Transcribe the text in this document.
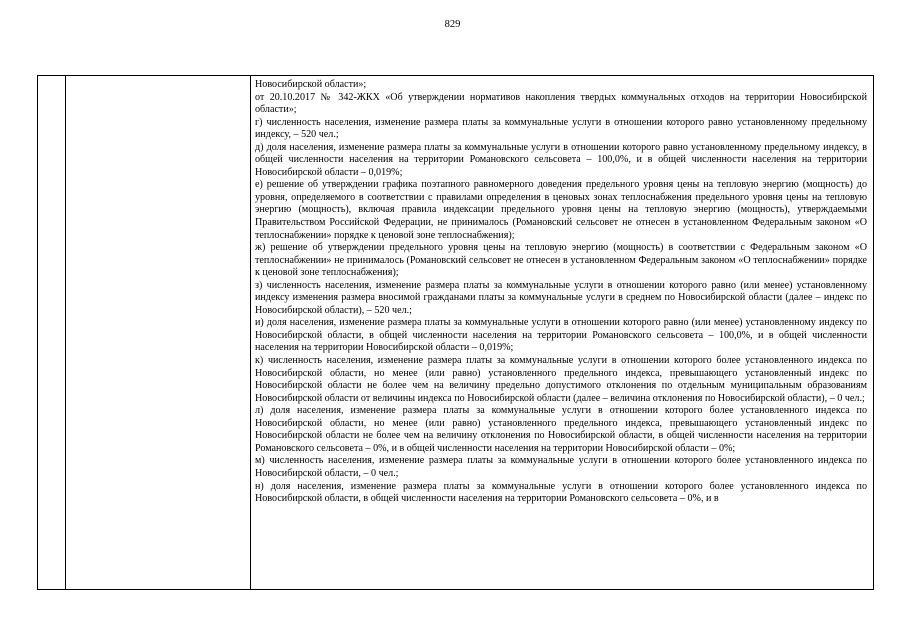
829

Новосибирской области»;

от 20.10.2017 № 342-ЖКХ «Об утверждении нормативов накопления твердых коммунальных отходов на территории Новосибирской области»;

г) численность населения, изменение размера платы за коммунальные услуги в отношении которого равно установленному предельному индексу, – 520 чел.;

д) доля населения, изменение размера платы за коммунальные услуги в отношении которого равно установленному предельному индексу, в общей численности населения на территории Романовского сельсовета – 100,0%, и в общей численности населения на территории Новосибирской области – 0,019%;

е) решение об утверждении графика поэтапного равномерного доведения предельного уровня цены на тепловую энергию (мощность) до уровня, определяемого в соответствии с правилами определения в ценовых зонах теплоснабжения предельного уровня цены на тепловую энергию (мощность), включая правила индексации предельного уровня цены на тепловую энергию (мощность), утверждаемыми Правительством Российской Федерации, не принималось (Романовский сельсовет не отнесен в установленном Федеральным законом «О теплоснабжении» порядке к ценовой зоне теплоснабжения);

ж) решение об утверждении предельного уровня цены на тепловую энергию (мощность) в соответствии с Федеральным законом «О теплоснабжении» не принималось (Романовский сельсовет не отнесен в установленном Федеральным законом «О теплоснабжении» порядке к ценовой зоне теплоснабжения);

з) численность населения, изменение размера платы за коммунальные услуги в отношении которого равно (или менее) установленному индексу изменения размера вносимой гражданами платы за коммунальные услуги в среднем по Новосибирской области (далее – индекс по Новосибирской области), – 520 чел.;

и) доля населения, изменение размера платы за коммунальные услуги в отношении которого равно (или менее) установленному индексу по Новосибирской области, в общей численности населения на территории Романовского сельсовета – 100,0%, и в общей численности населения на территории Новосибирской области – 0,019%;

к) численность населения, изменение размера платы за коммунальные услуги в отношении которого более установленного индекса по Новосибирской области, но менее (или равно) установленного предельного индекса, превышающего установленный индекс по Новосибирской области не более чем на величину предельно допустимого отклонения по отдельным муниципальным образованиям Новосибирской области от величины индекса по Новосибирской области (далее – величина отклонения по Новосибирской области), – 0 чел.;

л) доля населения, изменение размера платы за коммунальные услуги в отношении которого более установленного индекса по Новосибирской области, но менее (или равно) установленного предельного индекса, превышающего установленный индекс по Новосибирской области не более чем на величину отклонения по Новосибирской области, в общей численности населения на территории Романовского сельсовета – 0%, и в общей численности населения на территории Новосибирской области – 0%;

м) численность населения, изменение размера платы за коммунальные услуги в отношении которого более установленного индекса по Новосибирской области, – 0 чел.;

н) доля населения, изменение размера платы за коммунальные услуги в отношении которого более установленного индекса по Новосибирской области, в общей численности населения на территории Романовского сельсовета – 0%, и в
